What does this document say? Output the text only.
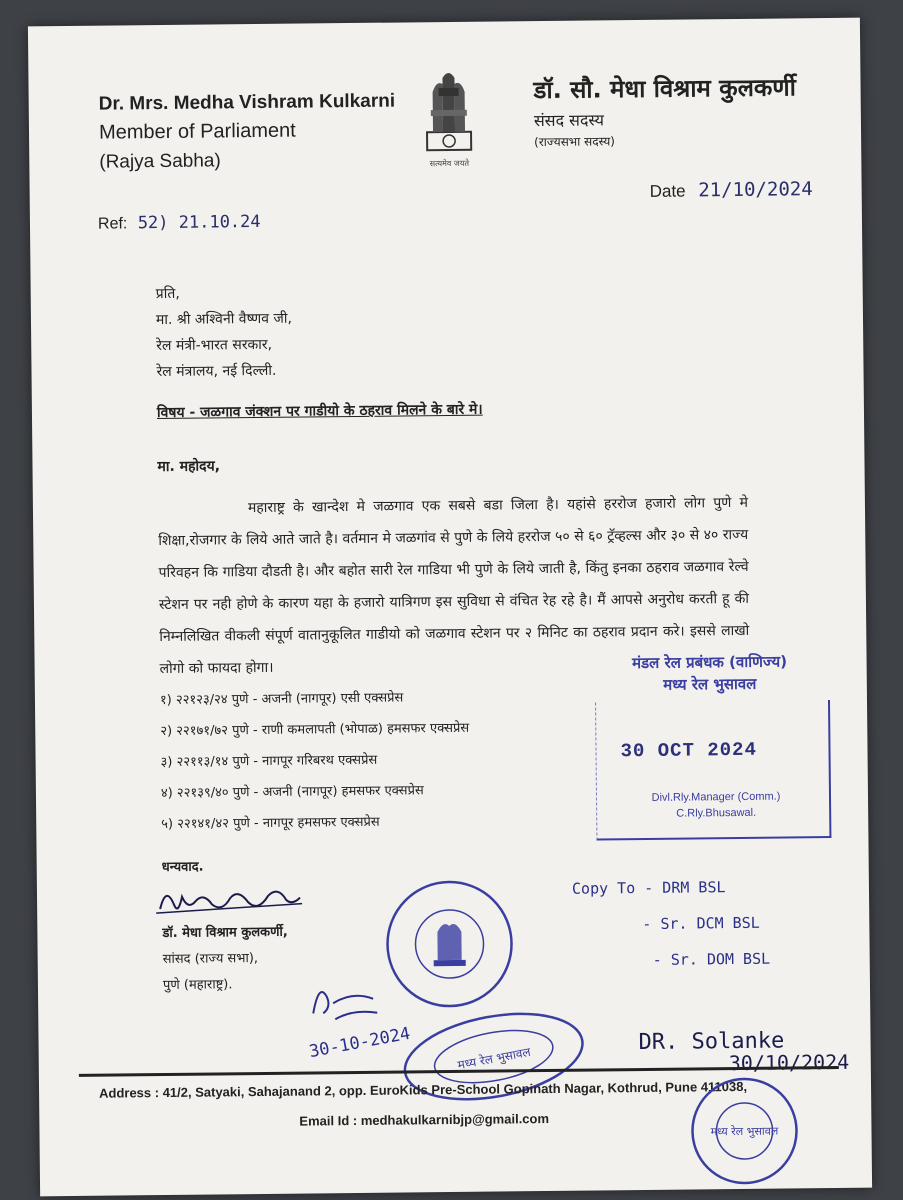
Dr. Mrs. Medha Vishram Kulkarni
Member of Parliament
(Rajya Sabha)	सत्यमेव जयते
डॉ. सौ. मेधा विश्राम कुलकर्णी
संसद सदस्य
(राज्यसभा सदस्य)
Date 21/10/2024
Ref: 52) 21.10.24
प्रति,
मा. श्री अश्विनी वैष्णव जी,
रेल मंत्री-भारत सरकार,
रेल मंत्रालय, नई दिल्ली.
विषय - जळगाव जंक्शन पर गाडीयो के ठहराव मिलने के बारे मे।
मा. महोदय,
महाराष्ट्र के खान्देश मे जळगाव एक सबसे बडा जिला है। यहांसे हररोज हजारो लोग पुणे मे शिक्षा,रोजगार के लिये आते जाते है। वर्तमान मे जळगांव से पुणे के लिये हररोज ५० से ६० ट्रॅव्हल्स और ३० से ४० राज्य परिवहन कि गाडिया दौडती है। और बहोत सारी रेल गाडिया भी पुणे के लिये जाती है, किंतु इनका ठहराव जळगाव रेल्वे स्टेशन पर नही होणे के कारण यहा के हजारो यात्रिगण इस सुविधा से वंचित रेह रहे है। मैं आपसे अनुरोध करती हू की निम्नलिखित वीकली संपूर्ण वातानुकूलित गाडीयो को जळगाव स्टेशन पर २ मिनिट का ठहराव प्रदान करे। इससे लाखो लोगो को फायदा होगा।
१) २२१२३/२४ पुणे - अजनी (नागपूर) एसी एक्सप्रेस
२) २२१७१/७२ पुणे - राणी कमलापती (भोपाळ) हमसफर एक्सप्रेस
३) २२११३/१४ पुणे - नागपूर गरिबरथ एक्सप्रेस
४) २२१३९/४० पुणे - अजनी (नागपूर) हमसफर एक्सप्रेस
५) २२१४१/४२ पुणे - नागपूर हमसफर एक्सप्रेस
मंडल रेल प्रबंधक (वाणिज्य)
मध्य रेल भुसावल
30 OCT 2024
Divl.Rly.Manager (Comm.)
C.Rly.Bhusawal.
धन्यवाद.
डॉ. मेधा विश्राम कुलकर्णी,
सांसद (राज्य सभा),
पुणे (महाराष्ट्र).
Copy To - DRM BSL
- Sr. DCM BSL
- Sr. DOM BSL
30-10-2024	मध्य रेल भुसावल
DR. Solanke
30/10/2024
Address : 41/2, Satyaki, Sahajanand 2, opp. EuroKids Pre-School Gopinath Nagar, Kothrud, Pune 411038,
Email Id : medhakulkarnibjp@gmail.com
मध्य रेल भुसावल
